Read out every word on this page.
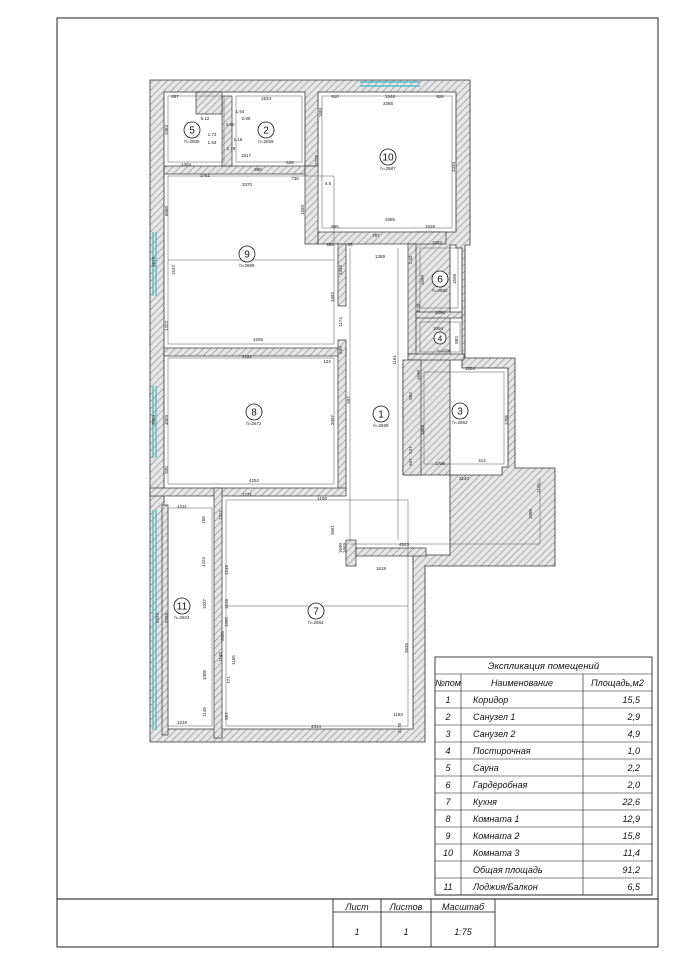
1
h=2699
2
h=2659
3
h=2652
4
h=2700
5
h=2805
6
h=2692
7
h=2664
8
h=2672
9
h=2669
10
h=2687
11
h=2824
857	1534
5.12
4.50
2.89
1.54
1.73
1.16
1.78
1.53
1963
1817
1304	626
686
735
1751
3370
910	1546	926
3385
1601
1225
3334
4.5
1550
865
3386
1528
6060
1537
4519
3492
1322
4255
982	65
787
1389
1342
1174
639
2141
124
997
4069
3054	2097
935
4252
1771
1108
3661
1669	4523
1618
1690
1092
1599	1598
1094
2.42
2.40
1094
883
1854
3140
547
647	412
1736
1868
883
1705
1161
1690
1090
1175
1231
768	1312
1248
1224
5375 5283
1037	1016
1095
1005
1218
1145	857
1165
3038
771
1145
3635
4314
1183
3175
Экспликация помещений
№пом	Наименование	Площадь,м2
1 Коридор	15,5
2 Санузел 1	2,9
3 Санузел 2	4,9
4 Постирочная	1,0
5 Сауна	2,2
6 Гардеробная	2,0
7 Кухня	22,6
8 Комната 1	12,9
9 Комната 2	15,8
10 Комната 3	11,4
Общая площадь	91,2
11 Лоджия/Балкон	6,5
Лист Листов Масштаб
1	1	1:75
